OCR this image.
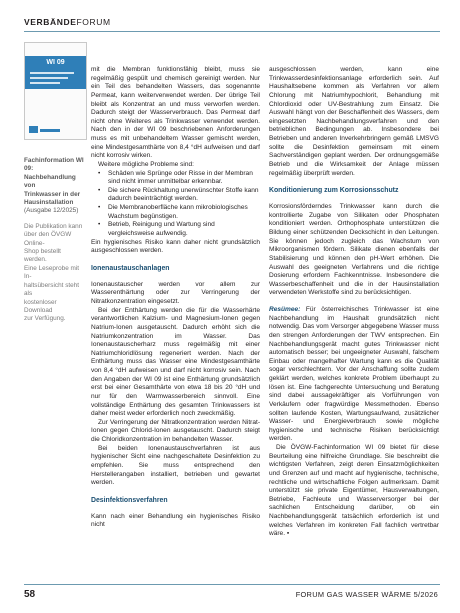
VERBÄNDEFORUM
WI 09

Fachinformation WI 09:
Nachbehandlung von
Trinkwasser in der
Hausinstallation

(Ausgabe 12/2025)

Die Publikation kann
über den ÖVGW Online-
Shop bestellt werden.
Eine Leseprobe mit In-
haltsübersicht steht als
kostenloser Download
zur Verfügung.

mit die Membran funktionsfähig bleibt, muss sie regelmäßig gespült und chemisch gereinigt werden. Nur ein Teil des behandelten Wassers, das sogenannte Permeat, kann weiterverwendet werden. Der übrige Teil bleibt als Konzentrat an und muss verworfen werden. Dadurch steigt der Wasserverbrauch. Das Permeat darf nicht ohne Weiteres als Trinkwasser verwendet werden. Nach den in der WI 09 beschriebenen Anforderungen muss es mit unbehandeltem Wasser gemischt werden, eine Mindestgesamthärte von 8,4 °dH aufweisen und darf nicht korrosiv wirken.

Weitere mögliche Probleme sind:

• Schäden wie Sprünge oder Risse in der Membran sind nicht immer unmittelbar erkennbar.
• Die sichere Rückhaltung unerwünschter Stoffe kann dadurch beeinträchtigt werden.
• Die Membranoberfläche kann mikrobiologisches Wachstum begünstigen.
• Betrieb, Reinigung und Wartung sind vergleichsweise aufwendig.

Ein hygienisches Risiko kann daher nicht grundsätzlich ausgeschlossen werden.

Ionenaustauschanlagen

Ionenaustauscher werden vor allem zur Wasserenthärtung oder zur Verringerung der Nitratkonzentration eingesetzt.

Bei der Enthärtung werden die für die Wasserhärte verantwortlichen Kalzium- und Magnesium-Ionen gegen Natrium-Ionen ausgetauscht. Dadurch erhöht sich die Natriumkonzentration im Wasser. Das Ionenaustauscherharz muss regelmäßig mit einer Natriumchloridlösung regeneriert werden. Nach der Enthärtung muss das Wasser eine Mindestgesamthärte von 8,4 °dH aufweisen und darf nicht korrosiv sein. Nach den Angaben der WI 09 ist eine Enthärtung grundsätzlich erst bei einer Gesamthärte von etwa 18 bis 20 °dH und nur für den Warmwasserbereich sinnvoll. Eine vollständige Enthärtung des gesamten Trinkwassers ist daher meist weder erforderlich noch zweckmäßig.

Zur Verringerung der Nitratkonzentration werden Nitrat-Ionen gegen Chlorid-Ionen ausgetauscht. Dadurch steigt die Chloridkonzentration im behandelten Wasser.

Bei beiden Ionenaustauschverfahren ist aus hygienischer Sicht eine nachgeschaltete Desinfektion zu empfehlen. Sie muss entsprechend den Herstellerangaben installiert, betrieben und gewartet werden.

Desinfektionsverfahren

Kann nach einer Behandlung ein hygienisches Risiko nicht

ausgeschlossen werden, kann eine Trinkwasserdesinfektionsanlage erforderlich sein. Auf Haushaltsebene kommen als Verfahren vor allem Chlorung mit Natriumhypochlorit, Behandlung mit Chlordioxid oder UV-Bestrahlung zum Einsatz. Die Auswahl hängt von der Beschaffenheit des Wassers, dem eingesetzten Nachbehandlungsverfahren und den betrieblichen Bedingungen ab. Insbesondere bei Betrieben und anderen Inverkehrbringern gemäß LMSVG sollte die Desinfektion gemeinsam mit einem Sachverständigen geplant werden. Der ordnungsgemäße Betrieb und die Wirksamkeit der Anlage müssen regelmäßig überprüft werden.

Konditionierung zum Korrosionsschutz

Korrosionsförderndes Trinkwasser kann durch die kontrollierte Zugabe von Silikaten oder Phosphaten konditioniert werden. Orthophosphate unterstützen die Bildung einer schützenden Deckschicht in den Leitungen. Sie können jedoch zugleich das Wachstum von Mikroorganismen fördern. Silikate dienen ebenfalls der Stabilisierung und können den pH-Wert erhöhen. Die Auswahl des geeigneten Verfahrens und die richtige Dosierung erfordern Fachkenntnisse. Insbesondere die Wasserbeschaffenheit und die in der Hausinstallation verwendeten Werkstoffe sind zu berücksichtigen.

Resümee: Für österreichisches Trinkwasser ist eine Nachbehandlung im Haushalt grundsätzlich nicht notwendig. Das vom Versorger abgegebene Wasser muss den strengen Anforderungen der TWV entsprechen. Ein Nachbehandlungsgerät macht gutes Trinkwasser nicht automatisch besser; bei ungeeigneter Auswahl, falschem Einbau oder mangelhafter Wartung kann es die Qualität sogar verschlechtern. Vor der Anschaffung sollte zudem geklärt werden, welches konkrete Problem überhaupt zu lösen ist. Eine fachgerechte Untersuchung und Beratung sind dabei aussagekräftiger als Vorführungen von Verkäufern oder fragwürdige Messmethoden. Ebenso sollten laufende Kosten, Wartungsaufwand, zusätzlicher Wasser- und Energieverbrauch sowie mögliche hygienische und technische Risiken berücksichtigt werden.

Die ÖVGW-Fachinformation WI 09 bietet für diese Beurteilung eine hilfreiche Grundlage. Sie beschreibt die wichtigsten Verfahren, zeigt deren Einsatzmöglichkeiten und Grenzen auf und macht auf hygienische, technische, rechtliche und wirtschaftliche Folgen aufmerksam. Damit unterstützt sie private Eigentümer, Hausverwaltungen, Betriebe, Fachleute und Wasserversorger bei der sachlichen Entscheidung darüber, ob ein Nachbehandlungsgerät tatsächlich erforderlich ist und welches Verfahren im konkreten Fall fachlich vertretbar wäre. ▪

58	FORUM GAS WASSER WÄRME 5/2026
